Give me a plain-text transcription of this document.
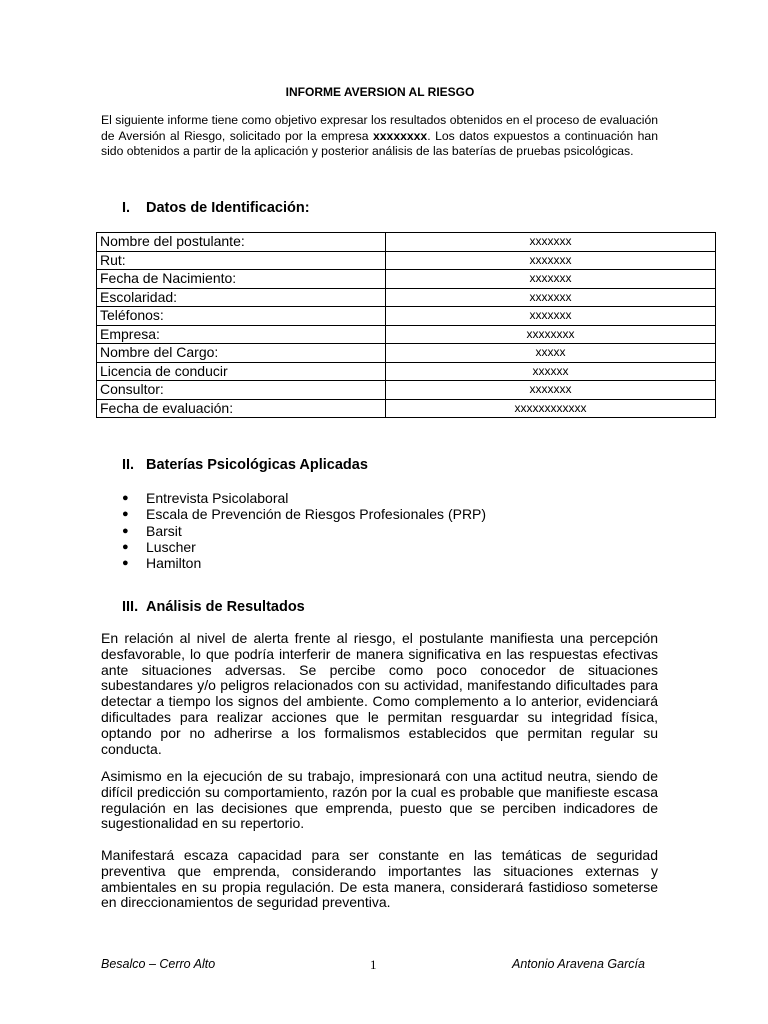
INFORME AVERSION AL RIESGO

El siguiente informe tiene como objetivo expresar los resultados obtenidos en el proceso de evaluación de Aversión al Riesgo, solicitado por la empresa xxxxxxxx. Los datos expuestos a continuación han sido obtenidos a partir de la aplicación y posterior análisis de las baterías de pruebas psicológicas.

I. Datos de Identificación:
Nombre del postulante:	xxxxxxx
Rut:	xxxxxxx
Fecha de Nacimiento:	xxxxxxx
Escolaridad:	xxxxxxx
Teléfonos:	xxxxxxx
Empresa:	xxxxxxxx
Nombre del Cargo:	xxxxx
Licencia de conducir	xxxxxx
Consultor:	xxxxxxx
Fecha de evaluación:	xxxxxxxxxxxx
II. Baterías Psicológicas Aplicadas
● Entrevista Psicolaboral
● Escala de Prevención de Riesgos Profesionales (PRP)
● Barsit
● Luscher
● Hamilton
III. Análisis de Resultados

En relación al nivel de alerta frente al riesgo, el postulante manifiesta una percepción desfavorable, lo que podría interferir de manera significativa en las respuestas efectivas ante situaciones adversas. Se percibe como poco conocedor de situaciones subestandares y/o peligros relacionados con su actividad, manifestando dificultades para detectar a tiempo los signos del ambiente. Como complemento a lo anterior, evidenciará dificultades para realizar acciones que le permitan resguardar su integridad física, optando por no adherirse a los formalismos establecidos que permitan regular su conducta.

Asimismo en la ejecución de su trabajo, impresionará con una actitud neutra, siendo de difícil predicción su comportamiento, razón por la cual es probable que manifieste escasa regulación en las decisiones que emprenda, puesto que se perciben indicadores de sugestionalidad en su repertorio.

Manifestará escaza capacidad para ser constante en las temáticas de seguridad preventiva que emprenda, considerando importantes las situaciones externas y ambientales en su propia regulación. De esta manera, considerará fastidioso someterse en direccionamientos de seguridad preventiva.

Besalco – Cerro Alto	1	Antonio Aravena García
